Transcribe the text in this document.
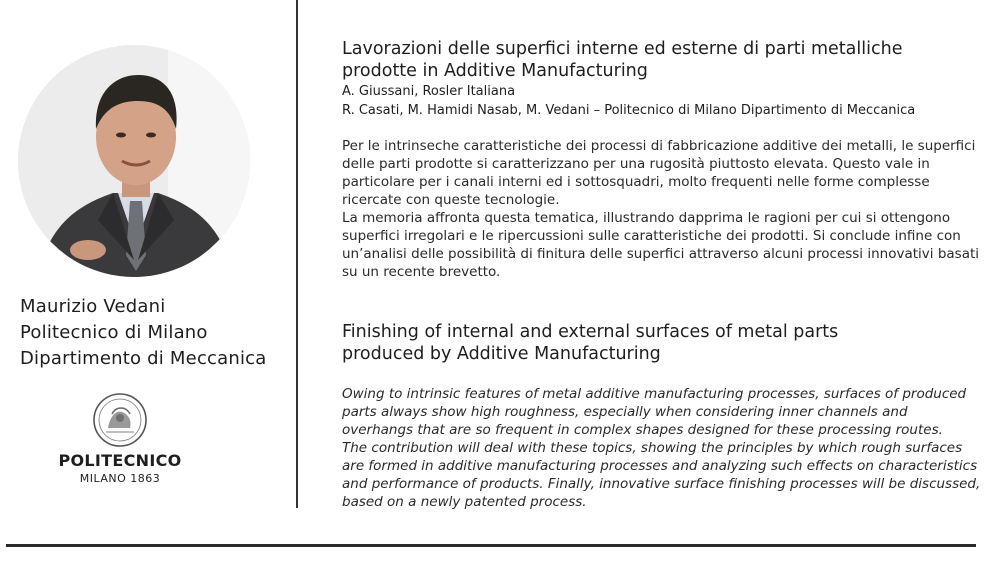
Maurizio Vedani
Politecnico di Milano
Dipartimento di Meccanica
POLITECNICO
MILANO 1863
Lavorazioni delle superfici interne ed esterne di parti metalliche
prodotte in Additive Manufacturing
A. Giussani, Rosler Italiana
R. Casati, M. Hamidi Nasab, M. Vedani – Politecnico di Milano Dipartimento di Meccanica

Per le intrinseche caratteristiche dei processi di fabbricazione additive dei metalli, le superfici delle parti prodotte si caratterizzano per una rugosità piuttosto elevata. Questo vale in particolare per i canali interni ed i sottosquadri, molto frequenti nelle forme complesse ricercate con queste tecnologie.

La memoria affronta questa tematica, illustrando dapprima le ragioni per cui si ottengono superfici irregolari e le ripercussioni sulle caratteristiche dei prodotti. Si conclude infine con un’analisi delle possibilità di finitura delle superfici attraverso alcuni processi innovativi basati su un recente brevetto.

Finishing of internal and external surfaces of metal parts
produced by Additive Manufacturing

Owing to intrinsic features of metal additive manufacturing processes, surfaces of produced parts always show high roughness, especially when considering inner channels and overhangs that are so frequent in complex shapes designed for these processing routes.

The contribution will deal with these topics, showing the principles by which rough surfaces are formed in additive manufacturing processes and analyzing such effects on characteristics and performance of products. Finally, innovative surface finishing processes will be discussed, based on a newly patented process.
